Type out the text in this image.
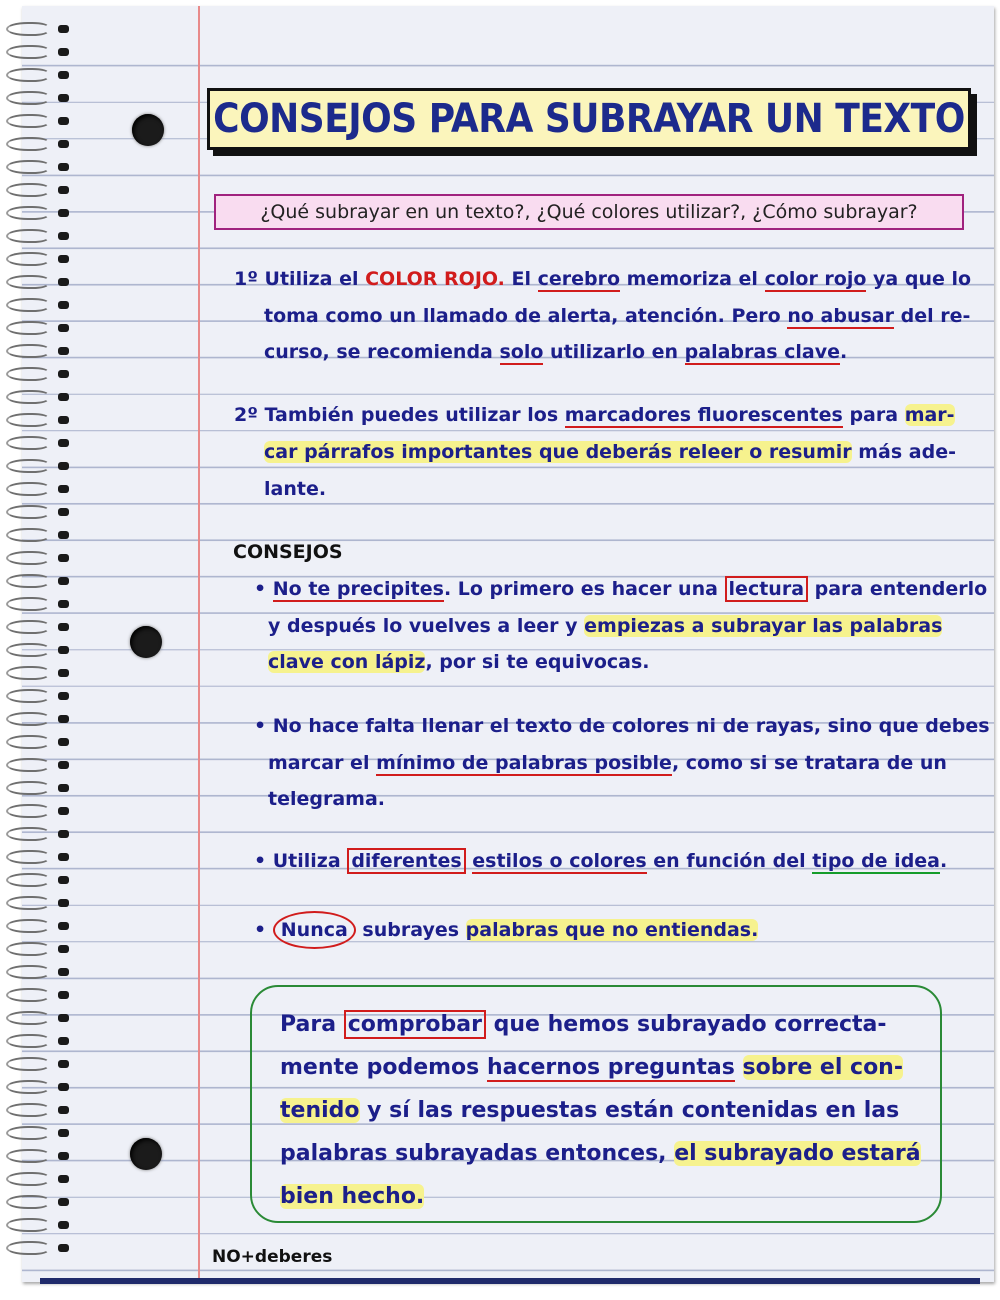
CONSEJOS PARA SUBRAYAR UN TEXTO
¿Qué subrayar en un texto?, ¿Qué colores utilizar?, ¿Cómo subrayar?
1º Utiliza el COLOR ROJO. El cerebro memoriza el color rojo ya que lo
toma como un llamado de alerta, atención. Pero no abusar del re-
curso, se recomienda solo utilizarlo en palabras clave.
2º También puedes utilizar los marcadores fluorescentes para mar-
car párrafos importantes que deberás releer o resumir más ade-
lante.
CONSEJOS
• No te precipites. Lo primero es hacer una lectura para entenderlo
y después lo vuelves a leer y empiezas a subrayar las palabras
clave con lápiz, por si te equivocas.
• No hace falta llenar el texto de colores ni de rayas, sino que debes
marcar el mínimo de palabras posible, como si se tratara de un
telegrama.
• Utiliza diferentes estilos o colores en función del tipo de idea.
• Nunca subrayes palabras que no entiendas.
Para comprobar que hemos subrayado correcta-
mente podemos hacernos preguntas sobre el con-
tenido y sí las respuestas están contenidas en las
palabras subrayadas entonces, el subrayado estará
bien hecho.
NO+deberes
